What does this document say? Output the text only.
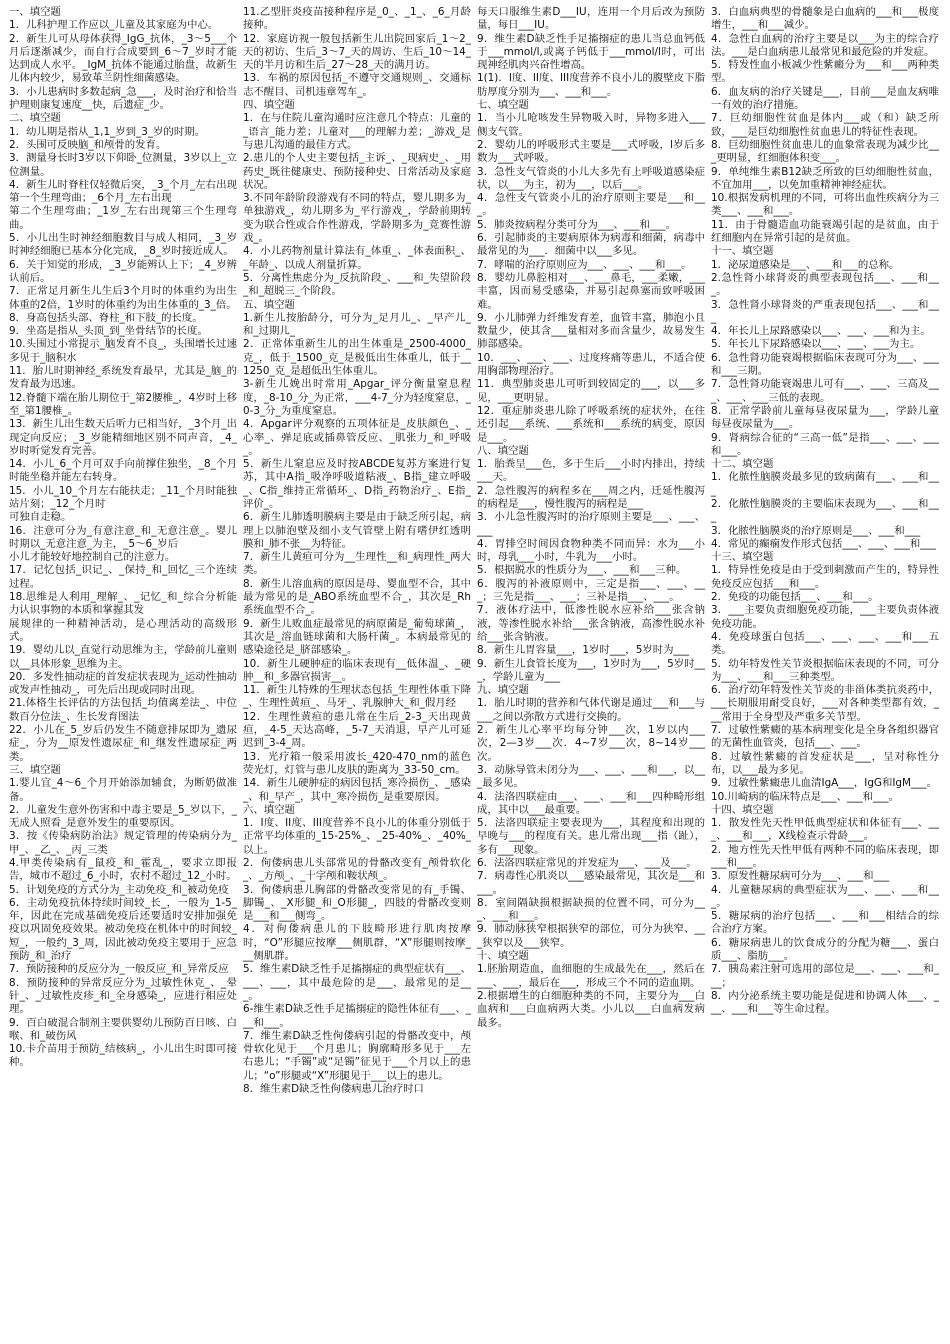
一、填空题

1．儿科护理工作应以_儿童及其家庭为中心。

2．新生儿可从母体获得_IgG_抗体，_3～5___个月后逐渐减少，而自行合成要到_6～7_岁时才能达到成人水平。_IgM_抗体不能通过胎盘，故新生儿体内较少，易致革兰阴性细菌感染。

3．小儿患病时多数起病_急___，及时治疗和恰当护理则康复速度__快，后遗症_少。

二、填空题

1．幼儿期是指从_1,1_岁到_3_岁的时期。

2．头围可反映脑_和颅骨的发育。

3．测量身长时3岁以下仰卧_位测量，3岁以上_立位测量。

4．新生儿时脊柱仅轻微后突，_3_个月_左右出现第一个生理弯曲；_6个月_左右出现

第二个生理弯曲；_1岁_左右出现第三个生理弯曲。

5．小儿出生时神经细胞数目与成人相同，_3_岁时神经细胞已基本分化完成，_8_岁时接近成人。

6．关于知觉的形成，_3_岁能辨认上下；_4_岁辨认前后。

7．正常足月新生儿生后3个月时的体重约为出生体重的2倍，1岁时的体重约为出生体重的_3_倍。

8．身高包括头部、脊柱_和下肢_的长度。

9．坐高是指从_头顶_到_坐骨结节的长度。

10.头围过小常提示_脑发育不良_，头围增长过速多见于_脑积水

11．胎儿时期神经_系统发育最早，尤其是_脑_的发育最为迅速。

12.脊髓下端在胎儿期位于_第2腰椎_，4岁时上移至_第1腰椎_。

13．新生儿出生数天后听力已相当好，_3个月_出现定向反应；_3_岁能精细地区别不同声音，_4_岁时听觉发育完善。

14．小儿_6_个月可双手向前撑住独坐，_8_个月时能坐稳并能左右转身。

15．小儿_10_个月左右能扶走；_11_个月时能独站片刻；_12_个月时

可独自走稳。

16．注意可分为_有意注意_和_无意注意_。婴儿时期以_无意注意_为主，_5～6_岁后

小儿才能较好地控制自己的注意力。

17．记忆包括_识记_、_保持_和_回忆_三个连续过程。

18.思维是人利用_理解_、_记忆_和_综合分析能力认识事物的本质和掌握其发

展规律的一种精神活动，是心理活动的高级形式。

19．婴幼儿以_直觉行动思维为主，学龄前儿童则以__具体形象_思维为主。

20．多发性抽动症的首发症状表现为_运动性抽动或发声性抽动_，可先后出现或同时出现。

21.体格生长评估的方法包括_均值离差法_、中位数百分位法_、生长发育图法

22．小儿在_5_岁后仍发生不随意排尿即为_遗尿症_，分为__原发性遗尿症_和_继发性遗尿症_两类。

三、填空题

1.婴儿宜_4～6_个月开始添加辅食，为断奶做准备。

2．儿童发生意外伤害和中毒主要是_5_岁以下，_无成人照看_是意外发生的重要原因。

3．按《传染病防治法》规定管理的传染病分为_甲_、_乙_、_丙_三类

4.甲类传染病有_鼠疫_和_霍乱_，要求立即报告，城市不超过_6_小时，农村不超过_12_小时。

5．计划免疫的方式分为_主动免疫_和_被动免疫

6．主动免疫抗体持续时间较_长_，一般为_1-5_年，因此在完成基础免疫后还要适时安排加强免疫以巩固免疫效果。被动免疫在机体中的时间较_短_，一般约_3_周，因此被动免疫主要用于_应急预防_和_治疗

7．预防接种的反应分为_一般反应_和_异常反应

8．预防接种的异常反应分为_过敏性休克_、_晕针_、_过敏性皮疹_和_全身感染_，应进行相应处理。

9．百白破混合制剂主要供婴幼儿预防百日咳、白喉、和_破伤风

10.卡介苗用于预防_结核病_，小儿出生时即可接种。

11.乙型肝炎疫苗接种程序是_0_、_1_、_6_月龄接种。

12．家庭访视一般包括新生儿出院回家后_1～2_天的初访、生后_3～7_天的周访、生后_10～14_天的半月访和生后_27～28_天的满月访。

13．车祸的原因包括_不遵守交通规则_、交通标志不醒目、司机违章驾车_。

四、填空题

1．在与住院儿童沟通时应注意几个特点：儿童的_语言_能力差；儿童对___的理解力差；_游戏_是与患儿沟通的最佳方式。

2.患儿的个人史主要包括_主诉_、_现病史_、_用药史_既往健康史、预防接种史、日常活动及家庭状况。

3.不同年龄阶段游戏有不同的特点，婴儿期多为_单独游戏_，幼儿期多为_平行游戏_，学龄前期转变为联合性或合作性游戏，学龄期多为_竞赛性游戏_。

4．小儿药物剂量计算法有_体重_、_体表面积_、_年龄_、以成人剂量折算。

5．分离性焦虑分为_反抗阶段_、___和_失望阶段_和_超脱三_个阶段。

五、填空题

1.新生儿按胎龄分，可分为_足月儿_、_早产儿_和_过期儿_

2．正常体重新生儿的出生体重是_2500-4000_克_，低于_1500_克_是极低出生体重儿，低于__1250_克_是超低出生体重儿。

3-新生儿娩出时常用_Apgar_评分衡量窒息程度，_8-10_分_为正常，___4-7_分为轻度窒息，_0-3_分_为重度窒息。

4．Apgar评分观察的五项体征是_皮肤颜色_、_心率_、弹足底或插鼻管反应、_肌张力_和_呼吸_。

5．新生儿窒息应及时按ABCDE复苏方案进行复苏，其中A指_吸净呼吸道粘液_、B指_建立呼吸_、C指_维持正常循环_、D指_药物治疗_、E指_评价_。

6．新生儿肺透明膜病主要是由于缺乏所引起，病理上以肺泡壁及细小支气管壁上附有嗜伊红透明膜和_肺不张__为特征。

7．新生儿黄疸可分为__生理性__和_病理性_两大类。

8．新生儿溶血病的原因是母、婴血型不合，其中最为常见的是_ABO系统血型不合_，其次是_Rh系统血型不合_。

9．新生儿败血症最常见的病原菌是_葡萄球菌_，其次是_溶血链球菌和大肠杆菌_。本病最常见的感染途径是_脐部感染_。

10．新生儿硬肿症的临床表现有__低体温_、_硬肿__和_多器官损害__。

11．新生儿特殊的生理状态包括_生理性体重下降_、生理性黄疸_、马牙_、乳腺肿大_和_假月经

12．生理性黄疸的患儿常在生后_2-3_天出现黄疸，_4-5_天达高峰，_5-7_天消退，早产儿可延迟到_3-4_周。

13．光疗箱一般采用波长_420-470_nm的蓝色荧光灯，灯管与患儿皮肤的距离为_33-50_cm。

14．新生儿硬肿症的病因包括_寒冷损伤_、_感染_、和_早产_，其中_寒冷损伤_是重要原因。

六、填空题

1．I度、II度、III度营养不良小儿的体重分别低于正常平均体重的_15-25%_、_25-40%_、_40%_以上。

2．佝偻病患儿头部常见的骨骼改变有_颅骨软化_、_方颅_、_十字颅和鞍状颅_。

3．佝偻病患儿胸部的骨骼改变常见的有_手镯、脚镯_、_X形腿_和_O形腿_，四肢的骨骼改变则是___和___侧弯_。

4．对佝偻病患儿的下肢畸形进行肌肉按摩时，“O”形腿应按摩___侧肌群，“X”形腿则按摩___侧肌群。

5．维生素D缺乏性手足搐搦症的典型症状有___、___、___，其中最危险的是___，最常见的是___。

6-维生素D缺乏性手足搐搦症的隐性体征有___、___和___。

7．维生素D缺乏性佝偻病引起的骨骼改变中，颅骨软化见于___个月患儿；胸廓畸形多见于___左右患儿；“手镯”或“足镯”征见于___个月以上的患儿；“o”形腿或“X”形腿见于___以上的患儿。

8．维生素D缺乏性佝偻病患儿治疗时口

每天口服维生素D___IU，连用一个月后改为预防量，每日___IU。

9．维生素D缺乏性手足搐搦症的患儿当总血钙低于___mmol/l,或离子钙低于___mmol/l时，可出现神经肌肉兴奋性增高。

1(1)．I度、II度、III度营养不良小儿的腹壁皮下脂肪厚度分别为___、___和___。

七、填空题

1．当小儿呛咳发生异物吸入时，异物多进入___侧支气管。

2．婴幼儿的呼吸形式主要是___式呼吸，l岁后多数为___式呼吸。

3．急性支气管炎的小儿大多先有上呼吸道感染症状，以___为主，初为___，以后___。

4．急性支气管炎小儿的治疗原则主要是___和___。

5．肺炎按病程分类可分为___、___和___。

6．引起肺炎的主要病原体为病毒和细菌，病毒中最常见的为___．细菌中以___多见。

7．哮喘的治疗原则应为___、___、___和___。

8．婴幼儿鼻腔相对___、___鼻毛，___柔嫩，___丰富，因而易受感染，并易引起鼻塞而致呼吸困难。

9．小儿肺弹力纤维发育差，血管丰富，肺泡小且数量少，使其含___量相对多而含量少，故易发生肺部感染。

10．___、___、___、过度疼痛等患儿，不适合使用胸部物理治疗。

11．典型肺炎患儿可听到较固定的___，以___多见，___更明显。

12．重症肺炎患儿除了呼吸系统的症状外，在往还引起___系统、___系统和___系统的病变，原因是___。

八、填空题

1．胎粪呈___色，多于生后___小时内排出，持续___天。

2．急性腹泻的病程多在___周之内，迁延性腹泻的病程是___，慢性腹泻的病程是___

3．小儿急性腹泻时的治疗原则主要是___、___、___

4．胃排空时间因食物种类不同而异：水为___小时，母乳___小时，牛乳为___小时。

5．根据脱水的性质分为___、___和___三种。

6．腹泻的补液原则中，三定是指___、___、___；三先是指___、___；三补是指___、___。

7．液体疗法中，低渗性脱水应补给___张含钠液，等渗性脱水补给___张含钠液，高渗性脱水补给___张含钠液。

8．新生儿胃容量___，1岁时___，5岁时为___

9．新生儿食管长度为___，1岁时为___，5岁时___，学龄儿童为___

九、填空题

1．胎儿时期的营养和气体代谢是通过___和___与___之间以弥散方式进行交换的。

2．新生儿心率平均每分钟___次，1岁以内___次，2—3岁___次．4~7岁___次，8~14岁___次。

3．动脉导管未闭分为___、___、___和___，以___最多见。

4．法洛四联症由___、___、___和___四种畸形组成，其中以___最重要。

5．法洛四联症主要表现为___，其程度和出现的早晚与___的程度有关。患儿常出现___指（趾），多有___现象。

6．法洛四联症常见的并发症为___、___及___。

7．病毒性心肌炎以___感染最常见，其次是___和___。

8．室间隔缺损根据缺损的位置不同，可分为___、___和___。

9．肺动脉狭窄根据狭窄的部位，可分为狭窄、___狭窄以及___狭窄。

十、填空题

1.胚胎期造血，血细胞的生成最先在___，然后在___、___，最后在___，形成三个不同的造血期。

2.根据增生的白细胞种类的不同，主要分为___白血病和___白血病两大类。小儿以___白血病发病最多。

3．白血病典型的骨髓象是白血病的___和___极度增生，___和___减少。

4．急性白血病的治疗主要是以___为主的综合疗法。___是白血病患儿最常见和最危险的并发症。

5．特发性血小板减少性紫癜分为___和___两种类型。

6．血友病的治疗关键是___，目前___是血友病唯一有效的治疗措施。

7．巨幼细胞性贫血是体内___或（和）缺乏所致，___是巨幼细胞性贫血患儿的特征性表现。

8．巨幼细胞性贫血患儿的血象常表现为减少比___更明显，红细胞体积变___。

9．单纯维生素B12缺乏所致的巨幼细胞性贫血，不宜加用___，以免加重精神神经症状。

10.根据发病机理的不同，可将出血性疾病分为三类___、___和___。

11．由于骨髓造血功能衰竭引起的是贫血，由于红细胞内在异常引起的是贫血。

十一、填空题

1．泌尿道感染是___、___和___的总称。

2.急性肾小球肾炎的典型表现包括___、___和___。

3．急性肾小球肾炎的严重表现包括___、___和___

4．年长儿上尿路感染以___、___、___和为主。

5．年长儿下尿路感染以___、___、___为主。

6．急性肾功能衰竭根据临床表现可分为___、___和___三期。

7．急性肾功能衰竭患儿可有___、___、三高及___、___、___三低的表现。

8．正常学龄前儿童每昼夜尿量为___，学龄儿童每昼夜尿量为___。

9．肾病综合征的“三高一低”是指___、___、___和___。

十二、填空题

1．化脓性脑膜炎最多见的致病菌有___、___和___

2．化脓性脑膜炎的主要临床表现为___、___和___

3．化脓性脑膜炎的治疗原则是___、___和___

4．常见的癫痫发作形式包括___、___、___和___

十三、填空题

1．特异性免疫是由于受到刺激而产生的，特异性免疫反应包括___和___。

2．免疫的功能包括___、___和___。

3．___主要负责细胞免疫功能，___主要负责体液免疫功能。

4．免疫球蛋白包括___、___、___、___和___五类。

5．幼年特发性关节炎根据临床表现的不同，可分为___、___和___三种类型。

6．治疗幼年特发性关节炎的非甾体类抗炎药中，___长期服用耐受良好，___对各种类型都有效，___常用于全身型及严重多关节型。

7．过敏性紫癜的基本病理变化是全身各组织器官的无菌性血管炎，包括___、___。

8．过敏性紫癜的首发症状是___，呈对称性分布，以___最为多见。

9．过敏性紫癜患儿血清IgA___，IgG和IgM___。

10.川崎病的临床特点是___、___和___。

十四、填空题

1．散发性先天性甲低典型症状和体征有___、___、___和___，X线检查示骨龄___。

2．地方性先天性甲低有两种不同的临床表现，即___和___。

3．原发性糖尿病可分为___、___和___

4．儿童糖尿病的典型症状为___、___、___和___。

5．糖尿病的治疗包括___、___和___相结合的综合治疗方案。

6．糖尿病患儿的饮食成分的分配为糖___、蛋白质___、脂肪___。

7．胰岛素注射可选用的部位是___、___、___和___；

8．内分泌系统主要功能是促进和协调人体___、___、___和___等生命过程。
